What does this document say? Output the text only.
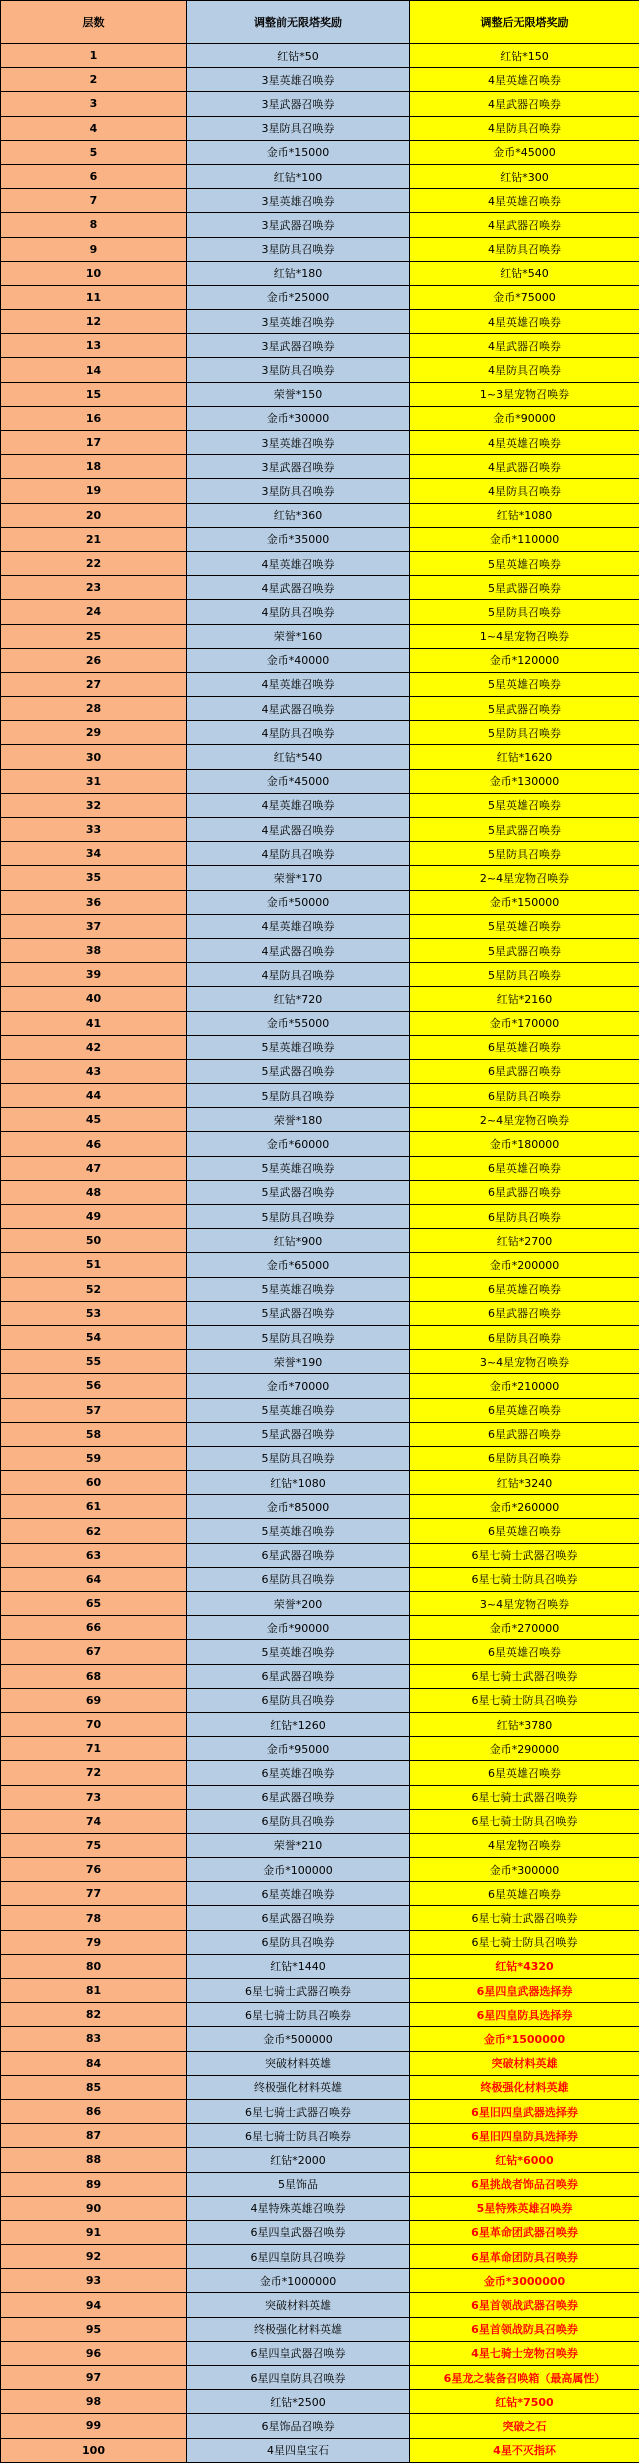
层数	调整前无限塔奖励	调整后无限塔奖励
1	红钻*50	红钻*150
2	3星英雄召唤券	4星英雄召唤券
3	3星武器召唤券	4星武器召唤券
4	3星防具召唤券	4星防具召唤券
5	金币*15000	金币*45000
6	红钻*100	红钻*300
7	3星英雄召唤券	4星英雄召唤券
8	3星武器召唤券	4星武器召唤券
9	3星防具召唤券	4星防具召唤券
10	红钻*180	红钻*540
11	金币*25000	金币*75000
12	3星英雄召唤券	4星英雄召唤券
13	3星武器召唤券	4星武器召唤券
14	3星防具召唤券	4星防具召唤券
15	荣誉*150	1~3星宠物召唤券
16	金币*30000	金币*90000
17	3星英雄召唤券	4星英雄召唤券
18	3星武器召唤券	4星武器召唤券
19	3星防具召唤券	4星防具召唤券
20	红钻*360	红钻*1080
21	金币*35000	金币*110000
22	4星英雄召唤券	5星英雄召唤券
23	4星武器召唤券	5星武器召唤券
24	4星防具召唤券	5星防具召唤券
25	荣誉*160	1~4星宠物召唤券
26	金币*40000	金币*120000
27	4星英雄召唤券	5星英雄召唤券
28	4星武器召唤券	5星武器召唤券
29	4星防具召唤券	5星防具召唤券
30	红钻*540	红钻*1620
31	金币*45000	金币*130000
32	4星英雄召唤券	5星英雄召唤券
33	4星武器召唤券	5星武器召唤券
34	4星防具召唤券	5星防具召唤券
35	荣誉*170	2~4星宠物召唤券
36	金币*50000	金币*150000
37	4星英雄召唤券	5星英雄召唤券
38	4星武器召唤券	5星武器召唤券
39	4星防具召唤券	5星防具召唤券
40	红钻*720	红钻*2160
41	金币*55000	金币*170000
42	5星英雄召唤券	6星英雄召唤券
43	5星武器召唤券	6星武器召唤券
44	5星防具召唤券	6星防具召唤券
45	荣誉*180	2~4星宠物召唤券
46	金币*60000	金币*180000
47	5星英雄召唤券	6星英雄召唤券
48	5星武器召唤券	6星武器召唤券
49	5星防具召唤券	6星防具召唤券
50	红钻*900	红钻*2700
51	金币*65000	金币*200000
52	5星英雄召唤券	6星英雄召唤券
53	5星武器召唤券	6星武器召唤券
54	5星防具召唤券	6星防具召唤券
55	荣誉*190	3~4星宠物召唤券
56	金币*70000	金币*210000
57	5星英雄召唤券	6星英雄召唤券
58	5星武器召唤券	6星武器召唤券
59	5星防具召唤券	6星防具召唤券
60	红钻*1080	红钻*3240
61	金币*85000	金币*260000
62	5星英雄召唤券	6星英雄召唤券
63	6星武器召唤券	6星七骑士武器召唤券
64	6星防具召唤券	6星七骑士防具召唤券
65	荣誉*200	3~4星宠物召唤券
66	金币*90000	金币*270000
67	5星英雄召唤券	6星英雄召唤券
68	6星武器召唤券	6星七骑士武器召唤券
69	6星防具召唤券	6星七骑士防具召唤券
70	红钻*1260	红钻*3780
71	金币*95000	金币*290000
72	6星英雄召唤券	6星英雄召唤券
73	6星武器召唤券	6星七骑士武器召唤券
74	6星防具召唤券	6星七骑士防具召唤券
75	荣誉*210	4星宠物召唤券
76	金币*100000	金币*300000
77	6星英雄召唤券	6星英雄召唤券
78	6星武器召唤券	6星七骑士武器召唤券
79	6星防具召唤券	6星七骑士防具召唤券
80	红钻*1440	红钻*4320
81	6星七骑士武器召唤券	6星四皇武器选择券
82	6星七骑士防具召唤券	6星四皇防具选择券
83	金币*500000	金币*1500000
84	突破材料英雄	突破材料英雄
85	终极强化材料英雄	终极强化材料英雄
86	6星七骑士武器召唤券	6星旧四皇武器选择券
87	6星七骑士防具召唤券	6星旧四皇防具选择券
88	红钻*2000	红钻*6000
89	5星饰品	6星挑战者饰品召唤券
90	4星特殊英雄召唤券	5星特殊英雄召唤券
91	6星四皇武器召唤券	6星革命团武器召唤券
92	6星四皇防具召唤券	6星革命团防具召唤券
93	金币*1000000	金币*3000000
94	突破材料英雄	6星首领战武器召唤券
95	终极强化材料英雄	6星首领战防具召唤券
96	6星四皇武器召唤券	4星七骑士宠物召唤券
97	6星四皇防具召唤券	6星龙之装备召唤箱（最高属性）
98	红钻*2500	红钻*7500
99	6星饰品召唤券	突破之石
100	4星四皇宝石	4星不灭指环
